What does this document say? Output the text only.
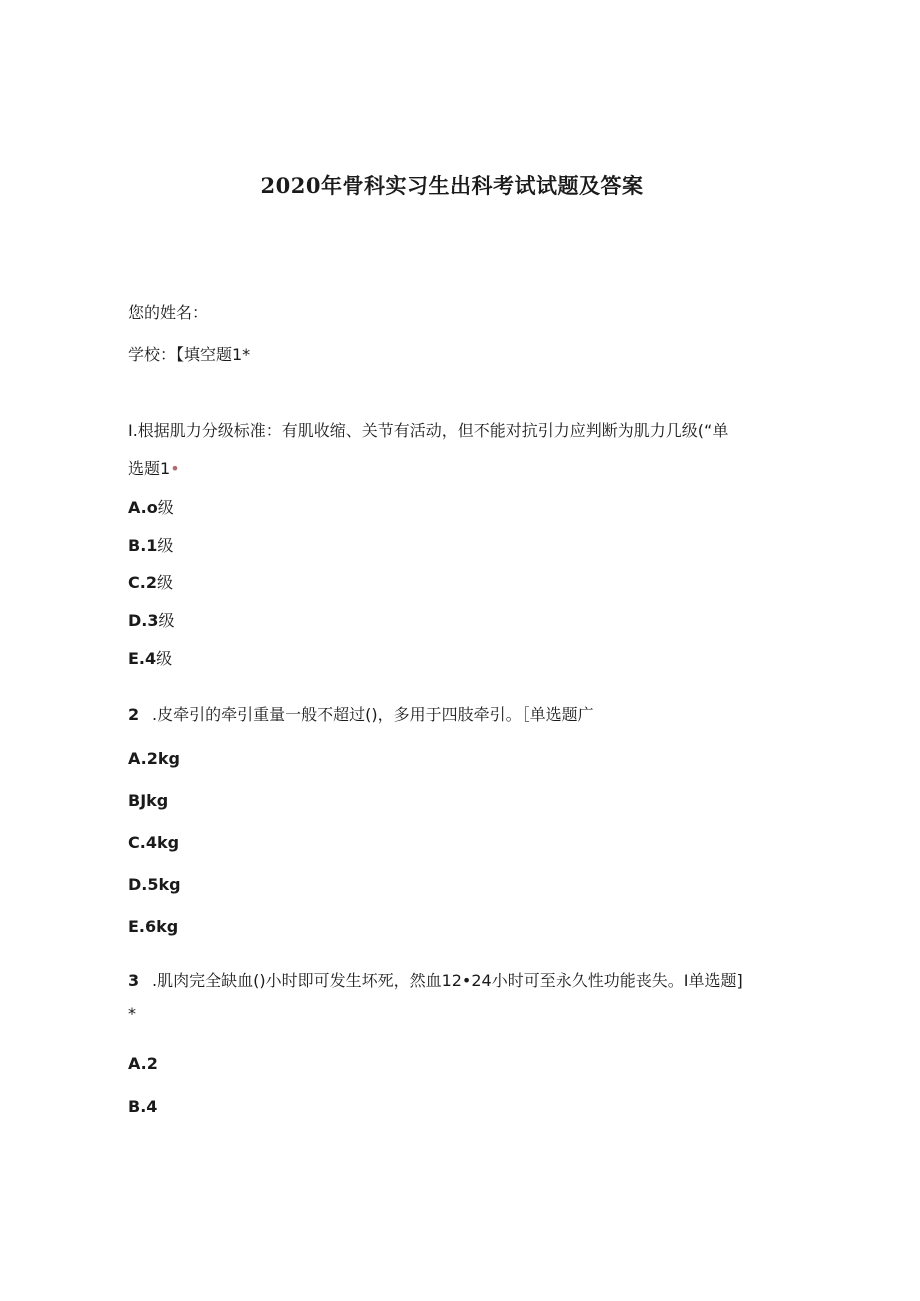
2020年骨科实习生出科考试试题及答案
您的姓名：
学校：【填空题1*
I.根据肌力分级标准：有肌收缩、关节有活动，但不能对抗引力应判断为肌力几级(“单
选题1•
A.o级
B.1级
C.2级
D.3级
E.4级
2 .皮牵引的牵引重量一般不超过()，多用于四肢牵引。［单选题广
A.2kg
BJkg
C.4kg
D.5kg
E.6kg
3 .肌肉完全缺血()小时即可发生坏死，然血12•24小时可至永久性功能丧失。I单选题]
*
A.2
B.4
